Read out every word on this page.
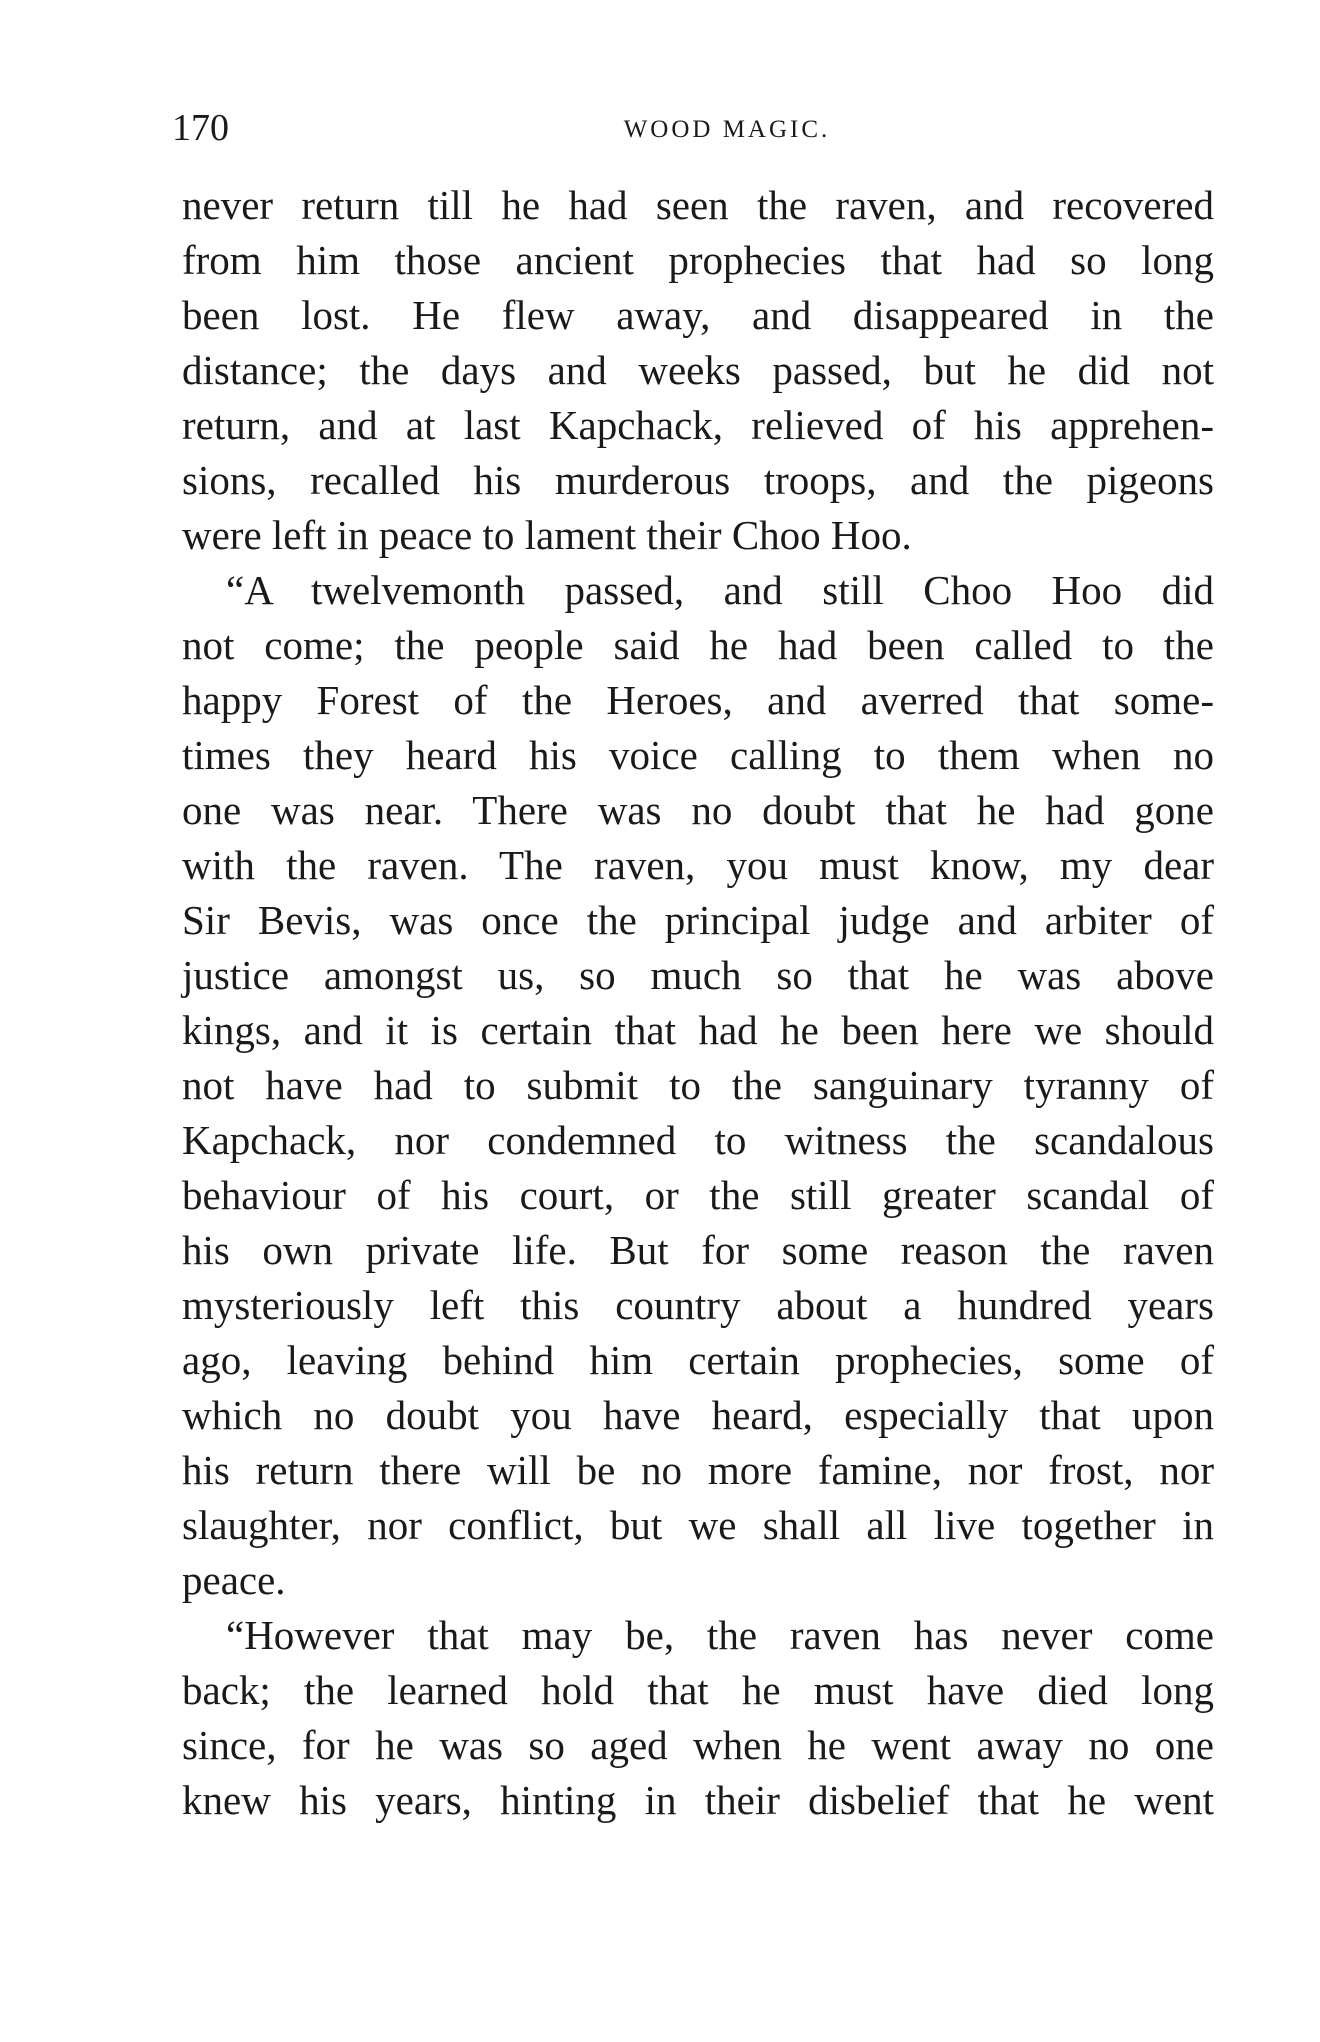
170	WOOD MAGIC.
never return till he had seen the raven, and recovered
from him those ancient prophecies that had so long
been lost. He flew away, and disappeared in the
distance; the days and weeks passed, but he did not
return, and at last Kapchack, relieved of his apprehen-
sions, recalled his murderous troops, and the pigeons
were left in peace to lament their Choo Hoo.
“A twelvemonth passed, and still Choo Hoo did
not come; the people said he had been called to the
happy Forest of the Heroes, and averred that some-
times they heard his voice calling to them when no
one was near. There was no doubt that he had gone
with the raven. The raven, you must know, my dear
Sir Bevis, was once the principal judge and arbiter of
justice amongst us, so much so that he was above
kings, and it is certain that had he been here we should
not have had to submit to the sanguinary tyranny of
Kapchack, nor condemned to witness the scandalous
behaviour of his court, or the still greater scandal of
his own private life. But for some reason the raven
mysteriously left this country about a hundred years
ago, leaving behind him certain prophecies, some of
which no doubt you have heard, especially that upon
his return there will be no more famine, nor frost, nor
slaughter, nor conflict, but we shall all live together in
peace.
“However that may be, the raven has never come
back; the learned hold that he must have died long
since, for he was so aged when he went away no one
knew his years, hinting in their disbelief that he went
